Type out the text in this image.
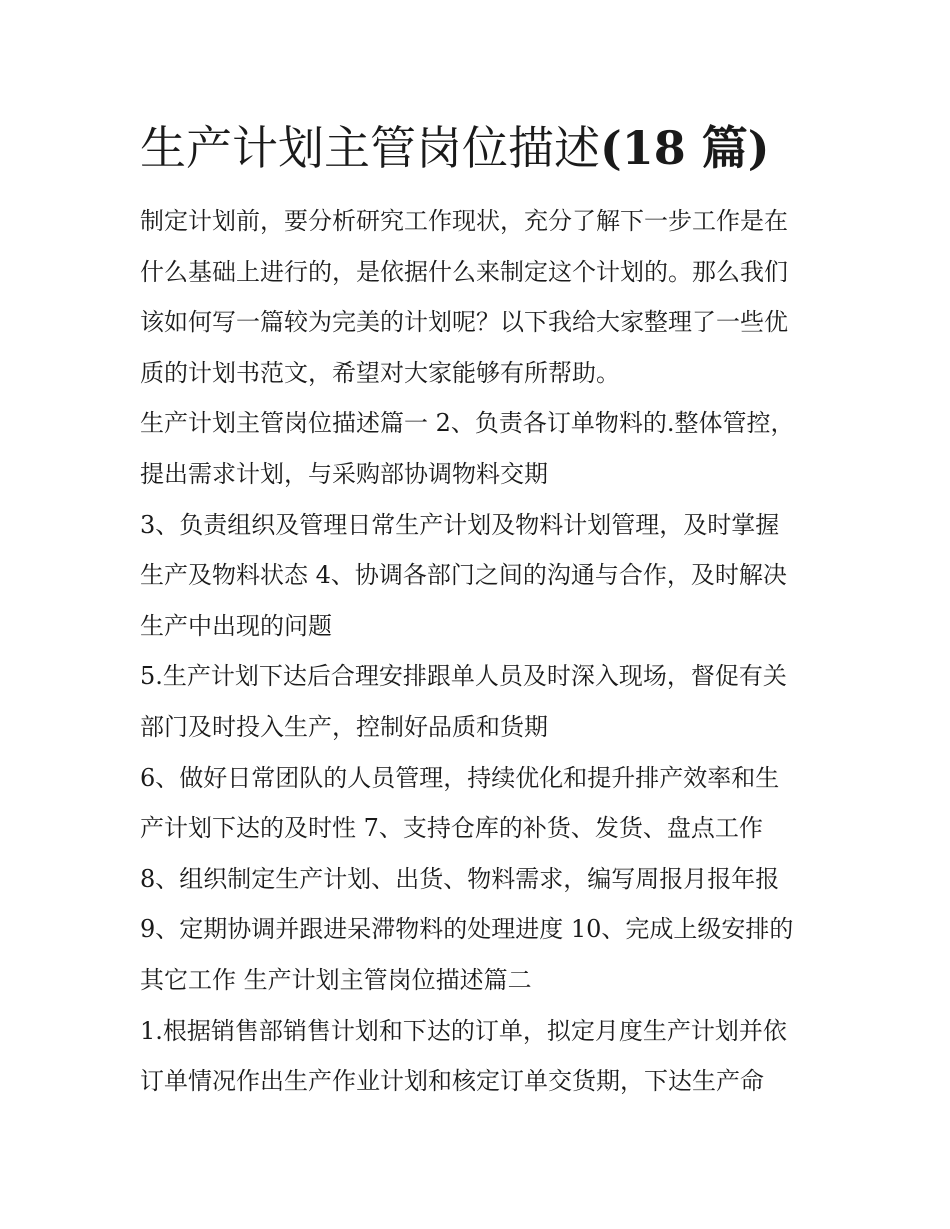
生产计划主管岗位描述(18 篇)

制定计划前，要分析研究工作现状，充分了解下一步工作是在

什么基础上进行的，是依据什么来制定这个计划的。那么我们

该如何写一篇较为完美的计划呢？以下我给大家整理了一些优

质的计划书范文，希望对大家能够有所帮助。

生产计划主管岗位描述篇一 2、负责各订单物料的.整体管控，

提出需求计划，与采购部协调物料交期

3、负责组织及管理日常生产计划及物料计划管理，及时掌握

生产及物料状态 4、协调各部门之间的沟通与合作，及时解决

生产中出现的问题

5.生产计划下达后合理安排跟单人员及时深入现场，督促有关

部门及时投入生产，控制好品质和货期

6、做好日常团队的人员管理，持续优化和提升排产效率和生

产计划下达的及时性 7、支持仓库的补货、发货、盘点工作

8、组织制定生产计划、出货、物料需求，编写周报月报年报

9、定期协调并跟进呆滞物料的处理进度 10、完成上级安排的

其它工作 生产计划主管岗位描述篇二

1.根据销售部销售计划和下达的订单，拟定月度生产计划并依

订单情况作出生产作业计划和核定订单交货期，下达生产命
